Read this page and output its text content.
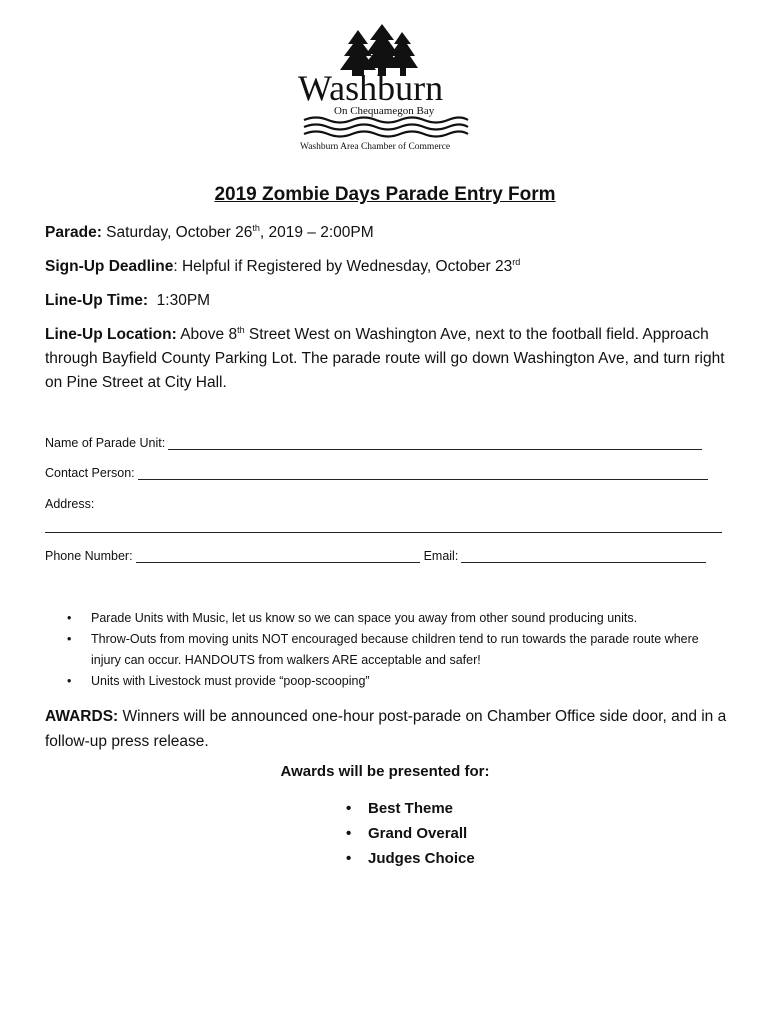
Washburn
On Chequamegon Bay
Washburn Area Chamber of Commerce
2019 Zombie Days Parade Entry Form
Parade: Saturday, October 26th, 2019 – 2:00PM
Sign-Up Deadline: Helpful if Registered by Wednesday, October 23rd
Line-Up Time:  1:30PM
Line-Up Location: Above 8th Street West on Washington Ave, next to the football field. Approach through Bayfield County Parking Lot. The parade route will go down Washington Ave, and turn right on Pine Street at City Hall.
Name of Parade Unit:
Contact Person:
Address:
Phone Number:	Email:
• Parade Units with Music, let us know so we can space you away from other sound producing units.
• Throw-Outs from moving units NOT encouraged because children tend to run towards the parade route where injury can occur. HANDOUTS from walkers ARE acceptable and safer!
• Units with Livestock must provide “poop-scooping”
AWARDS: Winners will be announced one-hour post-parade on Chamber Office side door, and in a follow-up press release.
Awards will be presented for:
• Best Theme
• Grand Overall
• Judges Choice
